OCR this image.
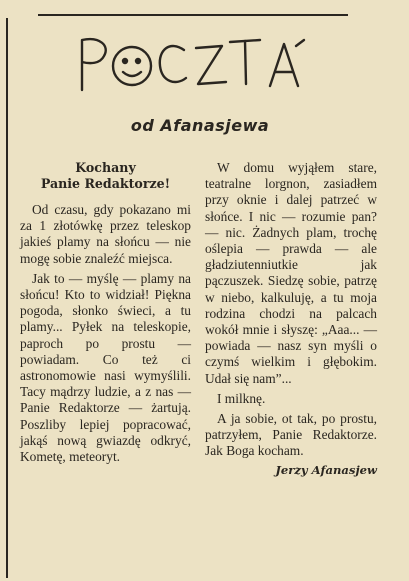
od Afanasjewa
Kochany
Panie Redaktorze!

Od czasu, gdy pokazano mi za 1 złotówkę przez teleskop jakieś plamy na słońcu — nie mogę sobie znaleźć miejsca.

Jak to — myślę — plamy na słońcu! Kto to widział! Piękna pogoda, słonko świeci, a tu plamy... Pyłek na teleskopie, paproch po prostu — powiadam. Co też ci astronomowie nasi wymyślili. Tacy mądrzy ludzie, a z nas — Panie Redaktorze — żartują. Poszliby lepiej popracować, jakąś nową gwiazdę odkryć, Kometę, meteoryt.

W domu wyjąłem stare, teatralne lorgnon, zasiadłem przy oknie i dalej patrzeć w słońce. I nic — rozumie pan? — nic. Żadnych plam, trochę oślepia — prawda — ale gładziutenniutkie jak pączuszek. Siedzę sobie, patrzę w niebo, kalkuluję, a tu moja rodzina chodzi na palcach wokół mnie i słyszę: „Aaa... — powiada — nasz syn myśli o czymś wielkim i głębokim. Udał się nam”...

I milknę.

A ja sobie, ot tak, po prostu, patrzyłem, Panie Redaktorze. Jak Boga kocham.

Jerzy Afanasjew
